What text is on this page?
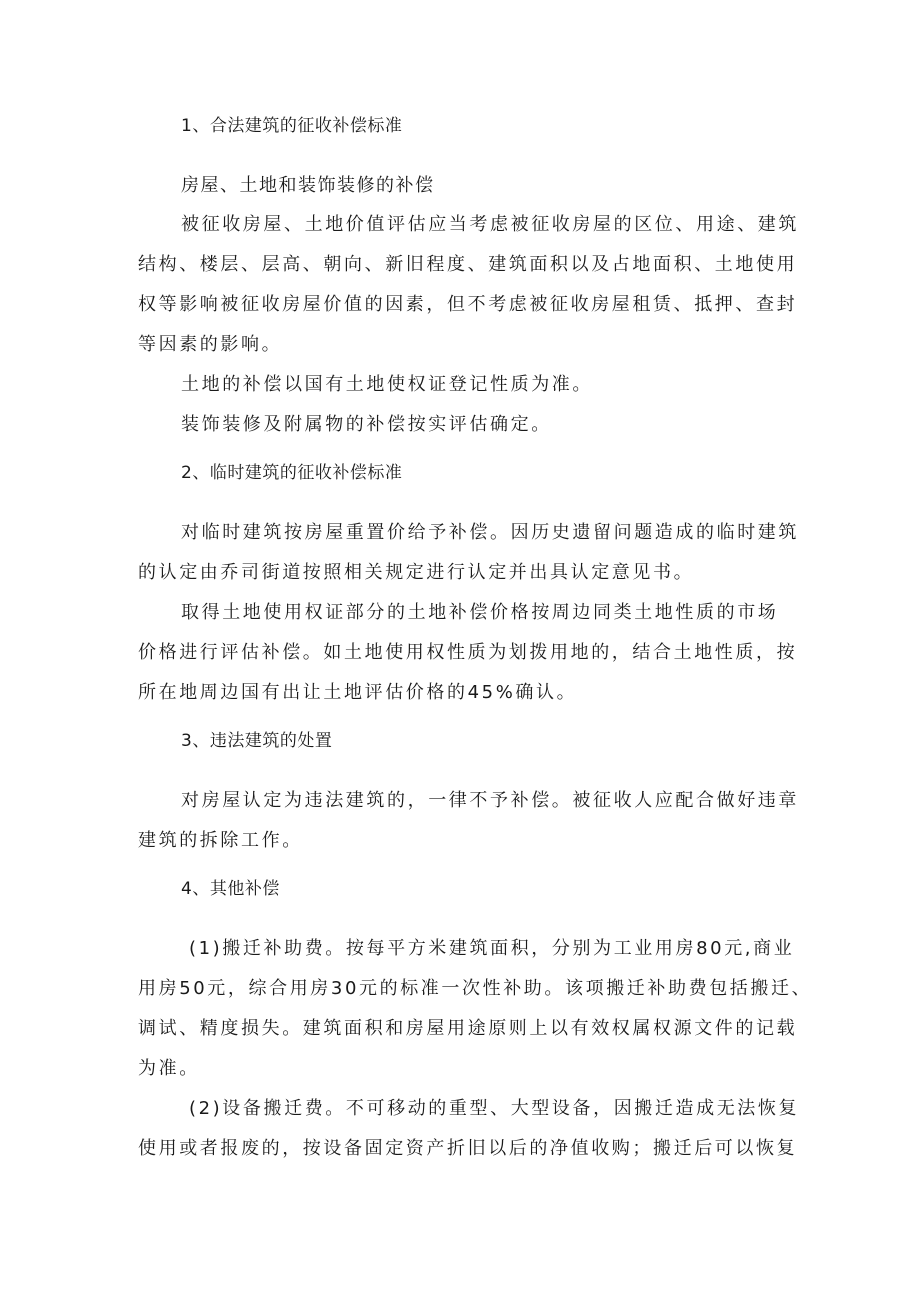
1、合法建筑的征收补偿标准
房屋、土地和装饰装修的补偿
被征收房屋、土地价值评估应当考虑被征收房屋的区位、用途、建筑
结构、楼层、层高、朝向、新旧程度、建筑面积以及占地面积、土地使用
权等影响被征收房屋价值的因素，但不考虑被征收房屋租赁、抵押、查封
等因素的影响。
土地的补偿以国有土地使权证登记性质为准。
装饰装修及附属物的补偿按实评估确定。
2、临时建筑的征收补偿标准
对临时建筑按房屋重置价给予补偿。因历史遗留问题造成的临时建筑
的认定由乔司街道按照相关规定进行认定并出具认定意见书。
取得土地使用权证部分的土地补偿价格按周边同类土地性质的市场
价格进行评估补偿。如土地使用权性质为划拨用地的，结合土地性质，按
所在地周边国有出让土地评估价格的45%确认。
3、违法建筑的处置
对房屋认定为违法建筑的，一律不予补偿。被征收人应配合做好违章
建筑的拆除工作。
4、其他补偿
(1)搬迁补助费。按每平方米建筑面积，分别为工业用房80元,商业
用房50元，综合用房30元的标准一次性补助。该项搬迁补助费包括搬迁、
调试、精度损失。建筑面积和房屋用途原则上以有效权属权源文件的记载
为准。
(2)设备搬迁费。不可移动的重型、大型设备，因搬迁造成无法恢复
使用或者报废的，按设备固定资产折旧以后的净值收购；搬迁后可以恢复
